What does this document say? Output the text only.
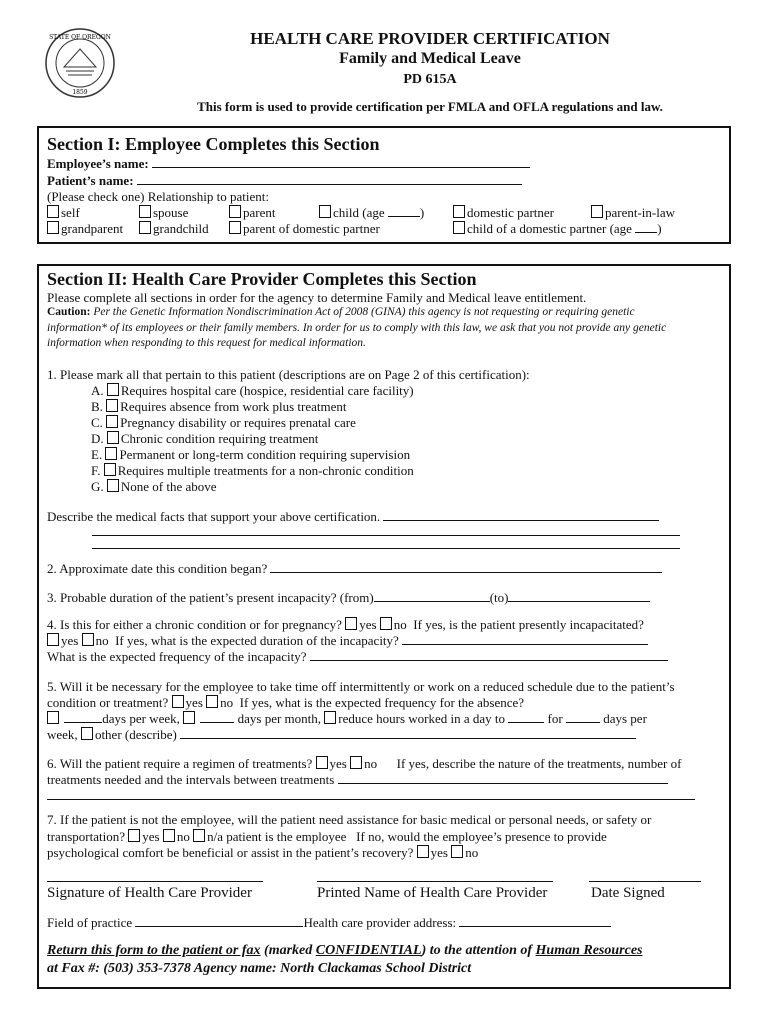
STATE OF OREGON
1859
HEALTH CARE PROVIDER CERTIFICATION
Family and Medical Leave
PD 615A
This form is used to provide certification per FMLA and OFLA regulations and law.
Section I: Employee Completes this Section
Employee’s name:
Patient’s name:
(Please check one) Relationship to patient:
self	spouse	parent	child (age	)	domestic partner	parent-in-law
grandparent	grandchild	parent of domestic partner	child of a domestic partner (age )
Section II: Health Care Provider Completes this Section
Please complete all sections in order for the agency to determine Family and Medical leave entitlement.
Caution: Per the Genetic Information Nondiscrimination Act of 2008 (GINA) this agency is not requesting or requiring genetic
information* of its employees or their family members. In order for us to comply with this law, we ask that you not provide any genetic
information when responding to this request for medical information.
1. Please mark all that pertain to this patient (descriptions are on Page 2 of this certification):
A. Requires hospital care (hospice, residential care facility)
B. Requires absence from work plus treatment
C. Pregnancy disability or requires prenatal care
D. Chronic condition requiring treatment
E. Permanent or long-term condition requiring supervision
F. Requires multiple treatments for a non-chronic condition
G. None of the above
Describe the medical facts that support your above certification.
2. Approximate date this condition began?
3. Probable duration of the patient’s present incapacity? (from)	(to)
4. Is this for either a chronic condition or for pregnancy? yes no If yes, is the patient presently incapacitated?
yes no If yes, what is the expected duration of the incapacity?
What is the expected frequency of the incapacity?
5. Will it be necessary for the employee to take time off intermittently or work on a reduced schedule due to the patient’s
condition or treatment? yes no If yes, what is the expected frequency for the absence?
days per week,	days per month, reduce hours worked in a day to	for	days per
week, other (describe)
6. Will the patient require a regimen of treatments? yes no If yes, describe the nature of the treatments, number of
treatments needed and the intervals between treatments
7. If the patient is not the employee, will the patient need assistance for basic medical or personal needs, or safety or
transportation? yes no n/a patient is the employee If no, would the employee’s presence to provide
psychological comfort be beneficial or assist in the patient’s recovery? yes no
Signature of Health Care Provider	Printed Name of Health Care Provider	Date Signed
Field of practice	Health care provider address:
Return this form to the patient or fax (marked CONFIDENTIAL) to the attention of Human Resources
at Fax #: (503) 353-7378 Agency name: North Clackamas School District
